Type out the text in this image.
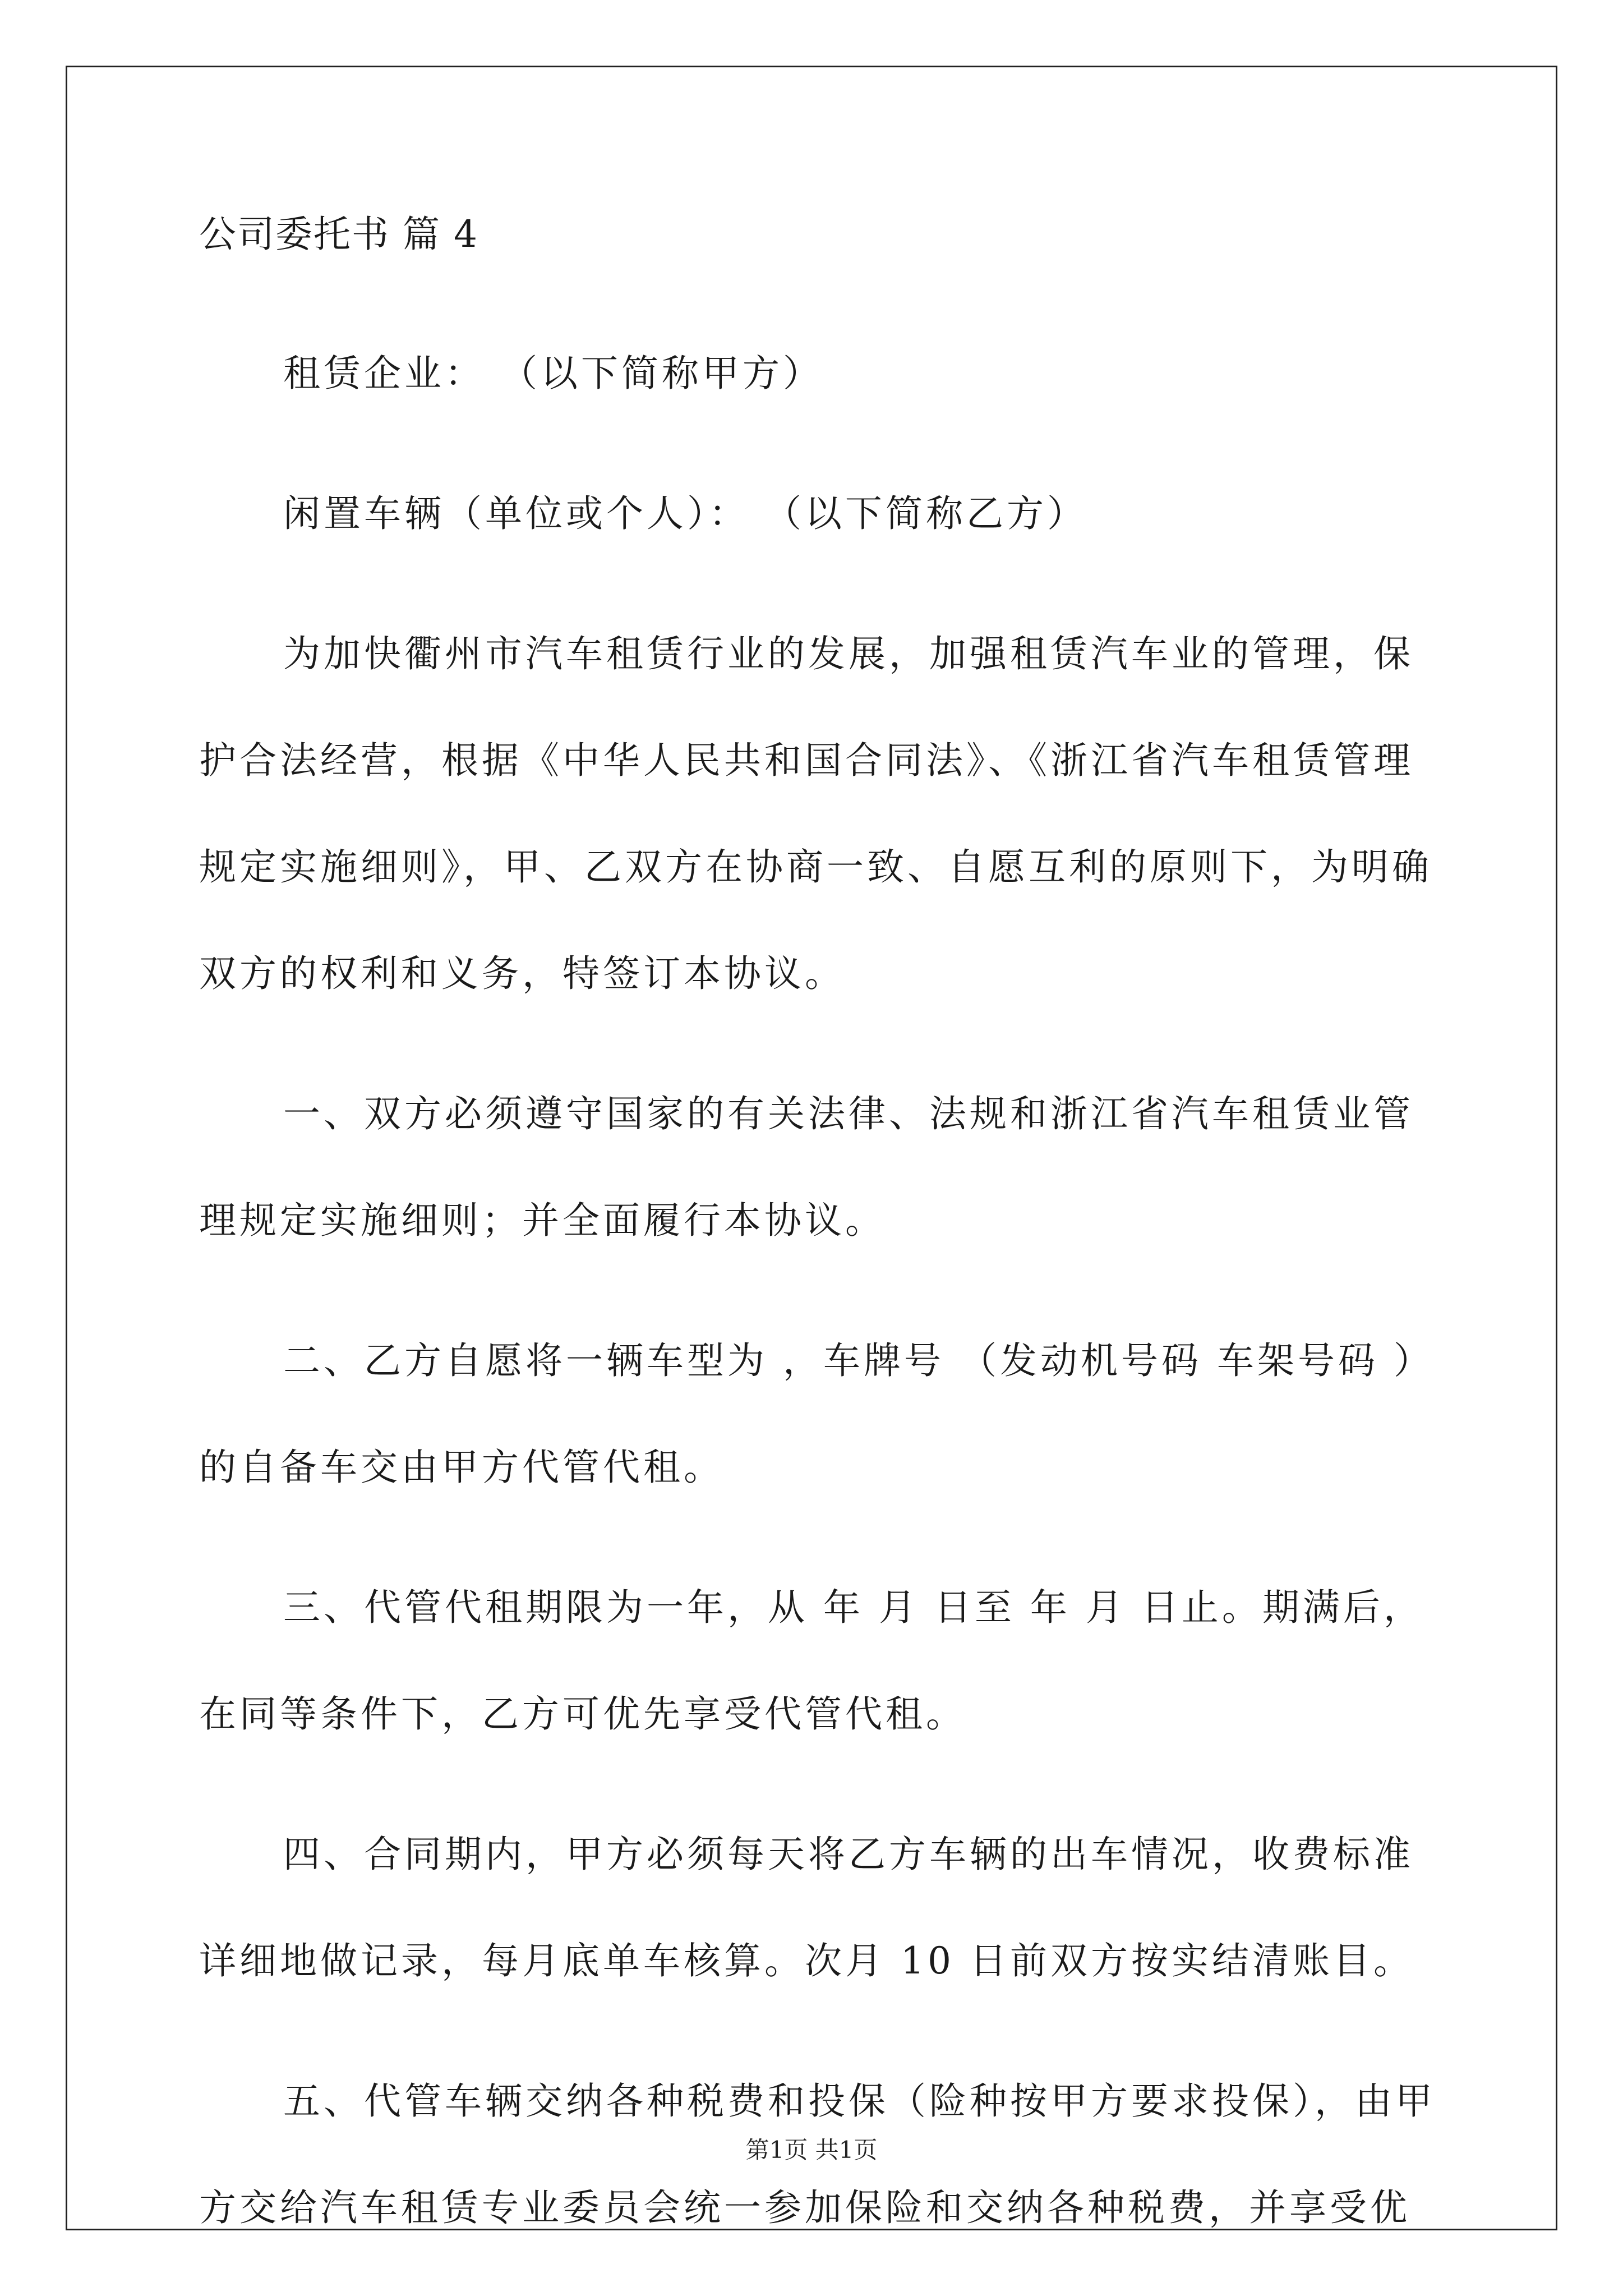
公司委托书 篇 4

租赁企业： （以下简称甲方）

闲置车辆（单位或个人）： （以下简称乙方）

为加快衢州市汽车租赁行业的发展，加强租赁汽车业的管理，保
护合法经营，根据《中华人民共和国合同法》、《浙江省汽车租赁管理
规定实施细则》，甲、乙双方在协商一致、自愿互利的原则下，为明确
双方的权利和义务，特签订本协议。

一、双方必须遵守国家的有关法律、法规和浙江省汽车租赁业管
理规定实施细则；并全面履行本协议。

二、乙方自愿将一辆车型为 ，车牌号 （发动机号码 车架号码 ）
的自备车交由甲方代管代租。

三、代管代租期限为一年，从 年 月 日至 年 月 日止。期满后，
在同等条件下，乙方可优先享受代管代租。

四、合同期内，甲方必须每天将乙方车辆的出车情况，收费标准
详细地做记录，每月底单车核算。次月 10 日前双方按实结清账目。

五、代管车辆交纳各种税费和投保（险种按甲方要求投保），由甲
方交给汽车租赁专业委员会统一参加保险和交纳各种税费，并享受优

第1页 共1页
